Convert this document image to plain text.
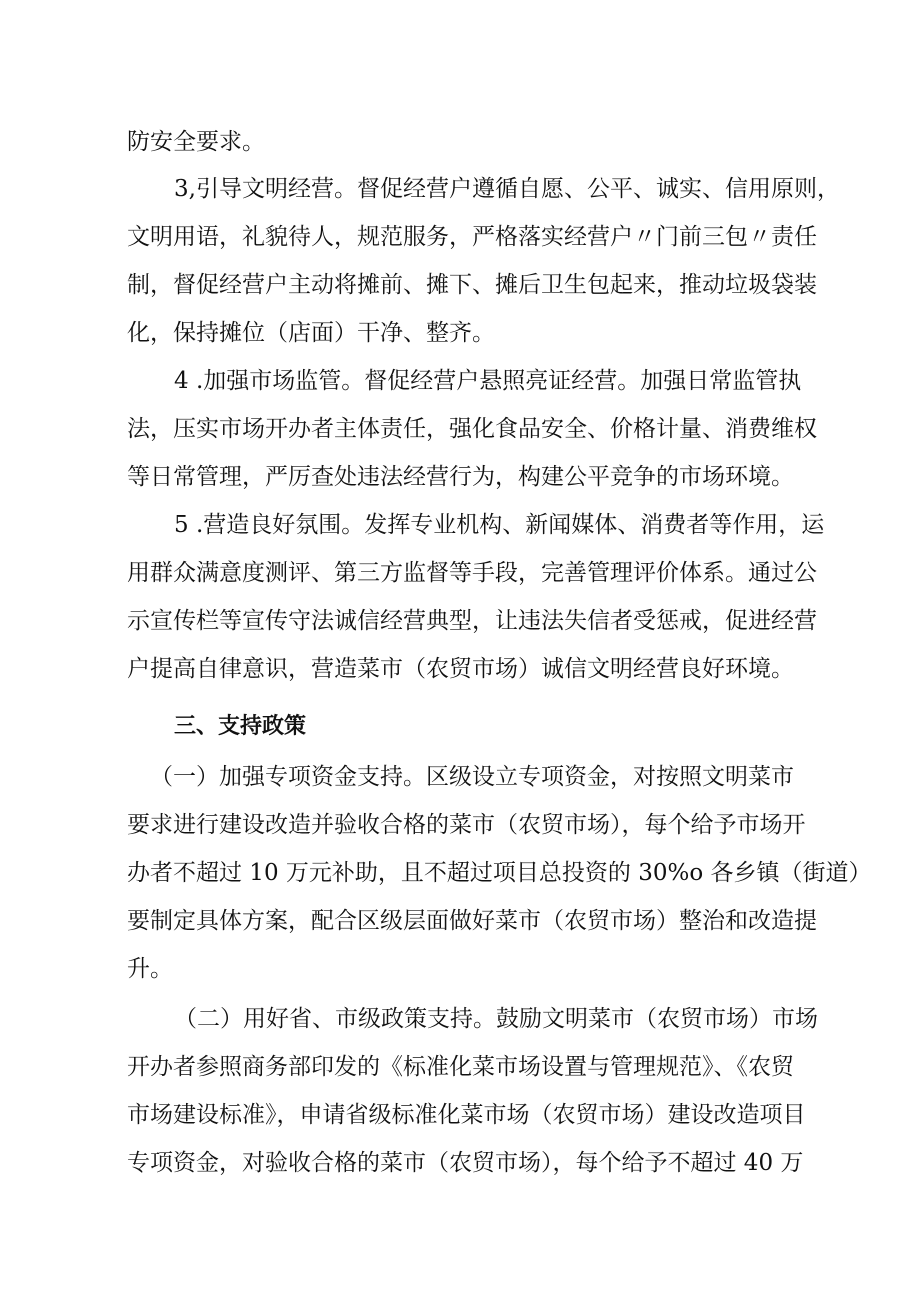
防安全要求。
3,引导文明经营。督促经营户遵循自愿、公平、诚实、信用原则，
文明用语，礼貌待人，规范服务，严格落实经营户〃门前三包〃责任
制，督促经营户主动将摊前、摊下、摊后卫生包起来，推动垃圾袋装
化，保持摊位（店面）干净、整齐。
4 .加强市场监管。督促经营户悬照亮证经营。加强日常监管执
法，压实市场开办者主体责任，强化食品安全、价格计量、消费维权
等日常管理，严厉查处违法经营行为，构建公平竞争的市场环境。
5 .营造良好氛围。发挥专业机构、新闻媒体、消费者等作用，运
用群众满意度测评、第三方监督等手段，完善管理评价体系。通过公
示宣传栏等宣传守法诚信经营典型，让违法失信者受惩戒，促进经营
户提高自律意识，营造菜市（农贸市场）诚信文明经营良好环境。
三、支持政策
（一）加强专项资金支持。区级设立专项资金，对按照文明菜市
要求进行建设改造并验收合格的菜市（农贸市场），每个给予市场开
办者不超过 10 万元补助，且不超过项目总投资的 30%o 各乡镇（街道）
要制定具体方案，配合区级层面做好菜市（农贸市场）整治和改造提
升。
（二）用好省、市级政策支持。鼓励文明菜市（农贸市场）市场
开办者参照商务部印发的《标准化菜市场设置与管理规范》、《农贸
市场建设标准》，申请省级标准化菜市场（农贸市场）建设改造项目
专项资金，对验收合格的菜市（农贸市场），每个给予不超过 40 万
